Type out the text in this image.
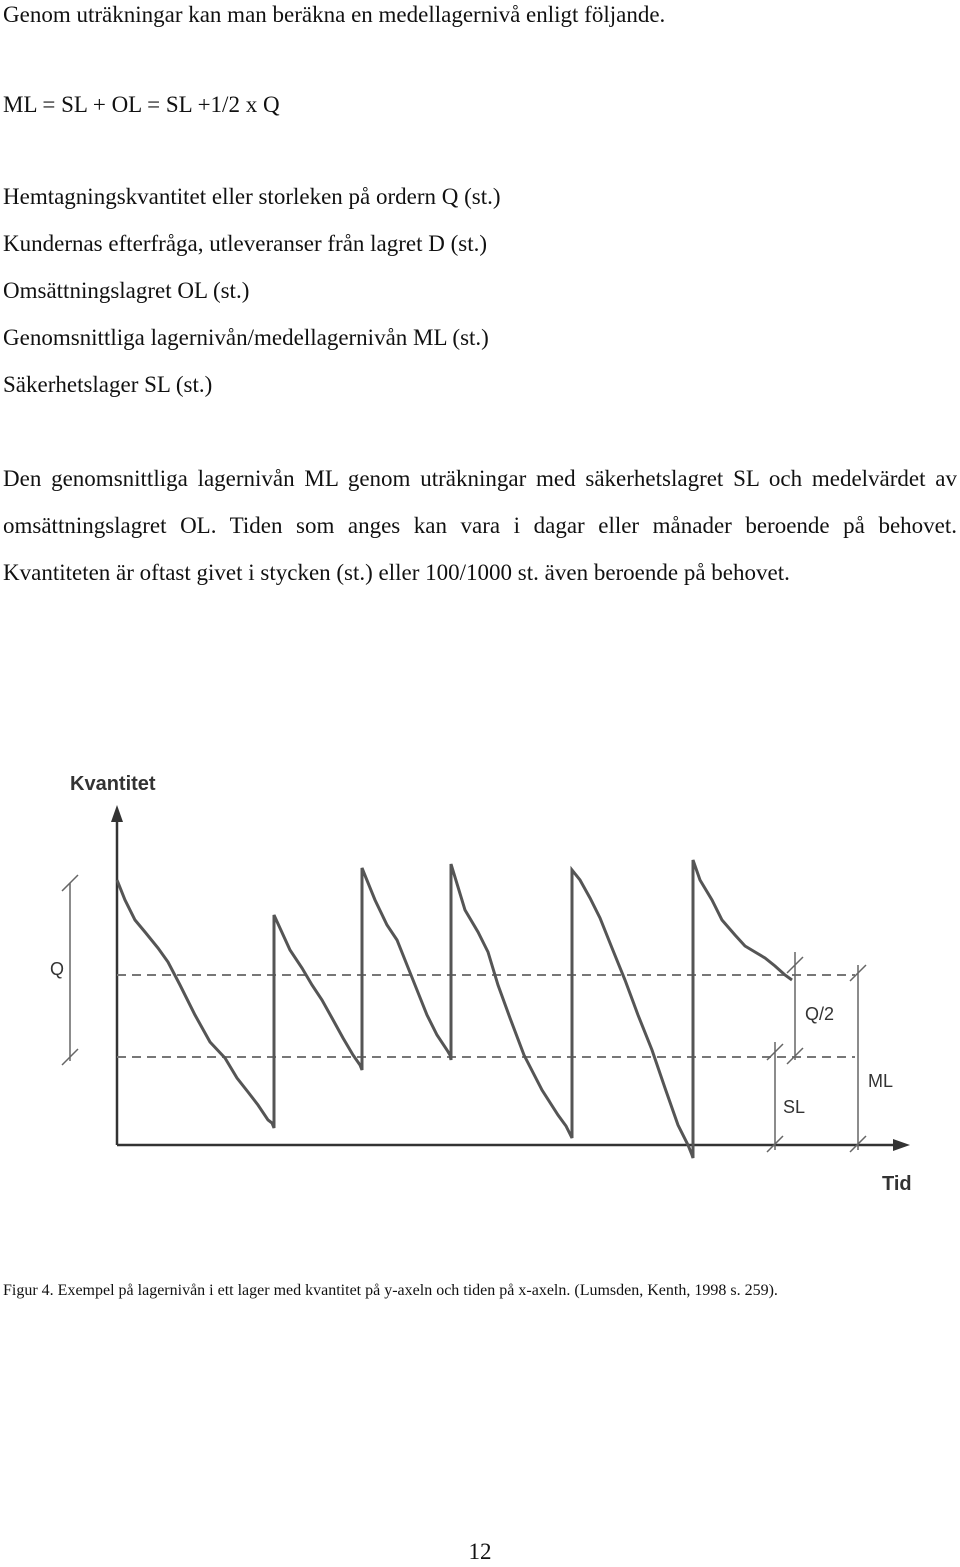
Genom uträkningar kan man beräkna en medellagernivå enligt följande.
ML = SL + OL = SL +1/2 x Q
Hemtagningskvantitet eller storleken på ordern Q (st.)
Kundernas efterfråga, utleveranser från lagret D (st.)
Omsättningslagret OL (st.)
Genomsnittliga lagernivån/medellagernivån ML (st.)
Säkerhetslager SL (st.)
Den genomsnittliga lagernivån ML genom uträkningar med säkerhetslagret SL och medelvärdet av omsättningslagret OL. Tiden som anges kan vara i dagar eller månader beroende på behovet. Kvantiteten är oftast givet i stycken (st.) eller 100/1000 st. även beroende på behovet.
Kvantitet
Tid
Q
Q/2
SL
ML
Figur 4. Exempel på lagernivån i ett lager med kvantitet på y-axeln och tiden på x-axeln. (Lumsden, Kenth, 1998 s. 259).
12
